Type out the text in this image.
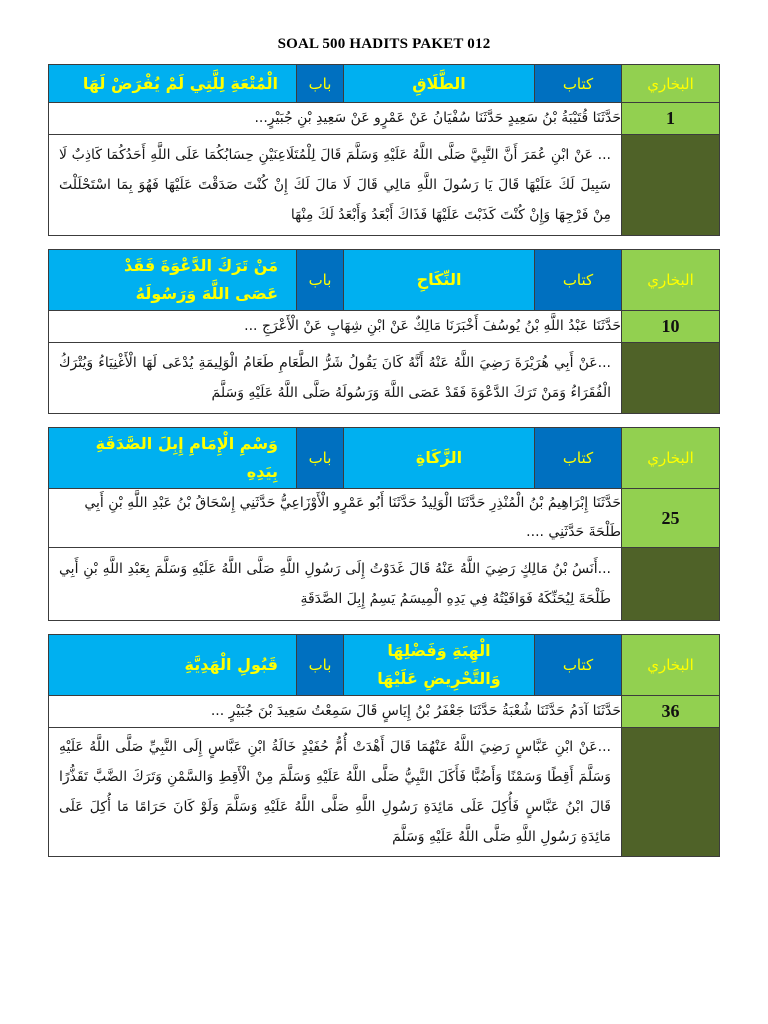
SOAL 500 HADITS PAKET 012
البخاري	كتاب	الطَّلَاقِ	باب	الْمُتْعَةِ لِلَّتِي لَمْ يُفْرَضْ لَهَا
1	حَدَّثَنَا قُتَيْبَةُ بْنُ سَعِيدٍ حَدَّثَنَا سُفْيَانُ عَنْ عَمْرٍو عَنْ سَعِيدِ بْنِ جُبَيْرٍ...			
	... عَنْ ابْنِ عُمَرَ أَنَّ النَّبِيَّ صَلَّى اللَّهُ عَلَيْهِ وَسَلَّمَ قَالَ لِلْمُتَلَاعِنَيْنِ حِسَابُكُمَا عَلَى اللَّهِ أَحَدُكُمَا كَاذِبٌ لَا سَبِيلَ لَكَ عَلَيْهَا قَالَ يَا رَسُولَ اللَّهِ مَالِي قَالَ لَا مَالَ لَكَ إِنْ كُنْتَ صَدَقْتَ عَلَيْهَا فَهُوَ بِمَا اسْتَحْلَلْتَ مِنْ فَرْجِهَا وَإِنْ كُنْتَ كَذَبْتَ عَلَيْهَا فَذَاكَ أَبْعَدُ وَأَبْعَدُ لَكَ مِنْهَا			
البخاري	كتاب	النِّكَاحِ	باب	مَنْ تَرَكَ الدَّعْوَةَ فَقَدْ عَصَى اللَّهَ وَرَسُولَهُ
10	حَدَّثَنَا عَبْدُ اللَّهِ بْنُ يُوسُفَ أَخْبَرَنَا مَالِكٌ عَنْ ابْنِ شِهَابٍ عَنْ الْأَعْرَجِ ...			
	...عَنْ أَبِي هُرَيْرَةَ رَضِيَ اللَّهُ عَنْهُ أَنَّهُ كَانَ يَقُولُ شَرُّ الطَّعَامِ طَعَامُ الْوَلِيمَةِ يُدْعَى لَهَا الْأَغْنِيَاءُ وَيُتْرَكُ الْفُقَرَاءُ وَمَنْ تَرَكَ الدَّعْوَةَ فَقَدْ عَصَى اللَّهَ وَرَسُولَهُ صَلَّى اللَّهُ عَلَيْهِ وَسَلَّمَ			
البخاري	كتاب	الزَّكَاةِ	باب	وَسْمِ الْإِمَامِ إِبِلَ الصَّدَقَةِ بِيَدِهِ
25	حَدَّثَنَا إِبْرَاهِيمُ بْنُ الْمُنْذِرِ حَدَّثَنَا الْوَلِيدُ حَدَّثَنَا أَبُو عَمْرٍو الْأَوْزَاعِيُّ حَدَّثَنِي إِسْحَاقُ بْنُ عَبْدِ اللَّهِ بْنِ أَبِي طَلْحَةَ حَدَّثَنِي ....			
	...أَنَسُ بْنُ مَالِكٍ رَضِيَ اللَّهُ عَنْهُ قَالَ غَدَوْتُ إِلَى رَسُولِ اللَّهِ صَلَّى اللَّهُ عَلَيْهِ وَسَلَّمَ بِعَبْدِ اللَّهِ بْنِ أَبِي طَلْحَةَ لِيُحَنِّكَهُ فَوَافَيْتُهُ فِي يَدِهِ الْمِيسَمُ يَسِمُ إِبِلَ الصَّدَقَةِ			
البخاري	كتاب	الْهِبَةِ وَفَضْلِهَا وَالتَّحْرِيضِ عَلَيْهَا	باب	قَبُولِ الْهَدِيَّةِ
36	حَدَّثَنَا آدَمُ حَدَّثَنَا شُعْبَةُ حَدَّثَنَا جَعْفَرُ بْنُ إِيَاسٍ قَالَ سَمِعْتُ سَعِيدَ بْنَ جُبَيْرٍ ...			
	...عَنْ ابْنِ عَبَّاسٍ رَضِيَ اللَّهُ عَنْهُمَا قَالَ أَهْدَتْ أُمُّ حُفَيْدٍ خَالَةُ ابْنِ عَبَّاسٍ إِلَى النَّبِيِّ صَلَّى اللَّهُ عَلَيْهِ وَسَلَّمَ أَقِطًا وَسَمْنًا وَأَضُبًّا فَأَكَلَ النَّبِيُّ صَلَّى اللَّهُ عَلَيْهِ وَسَلَّمَ مِنْ الْأَقِطِ وَالسَّمْنِ وَتَرَكَ الضَّبَّ تَقَذُّرًا قَالَ ابْنُ عَبَّاسٍ فَأُكِلَ عَلَى مَائِدَةِ رَسُولِ اللَّهِ صَلَّى اللَّهُ عَلَيْهِ وَسَلَّمَ وَلَوْ كَانَ حَرَامًا مَا أُكِلَ عَلَى مَائِدَةِ رَسُولِ اللَّهِ صَلَّى اللَّهُ عَلَيْهِ وَسَلَّمَ			
